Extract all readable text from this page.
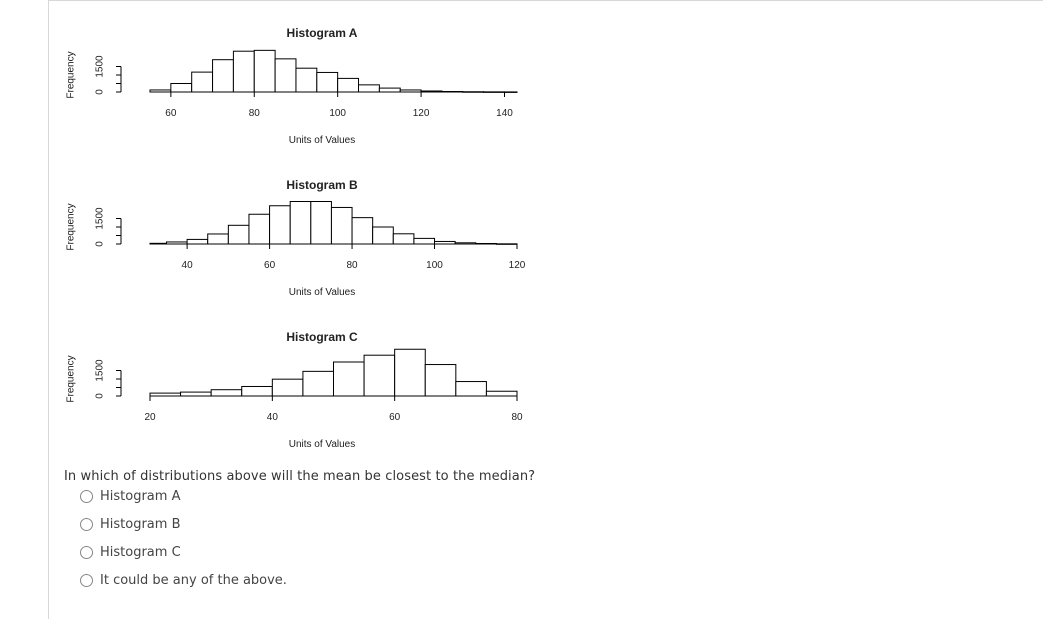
60	80	100	120	140
0
1500
Histogram A
Units of Values
Frequency
40	60	80	100	120
0
1500
Histogram B
Units of Values
Frequency
20	40	60	80
0
1500
Histogram C
Units of Values
Frequency
In which of distributions above will the mean be closest to the median?
Histogram A
Histogram B
Histogram C
It could be any of the above.
